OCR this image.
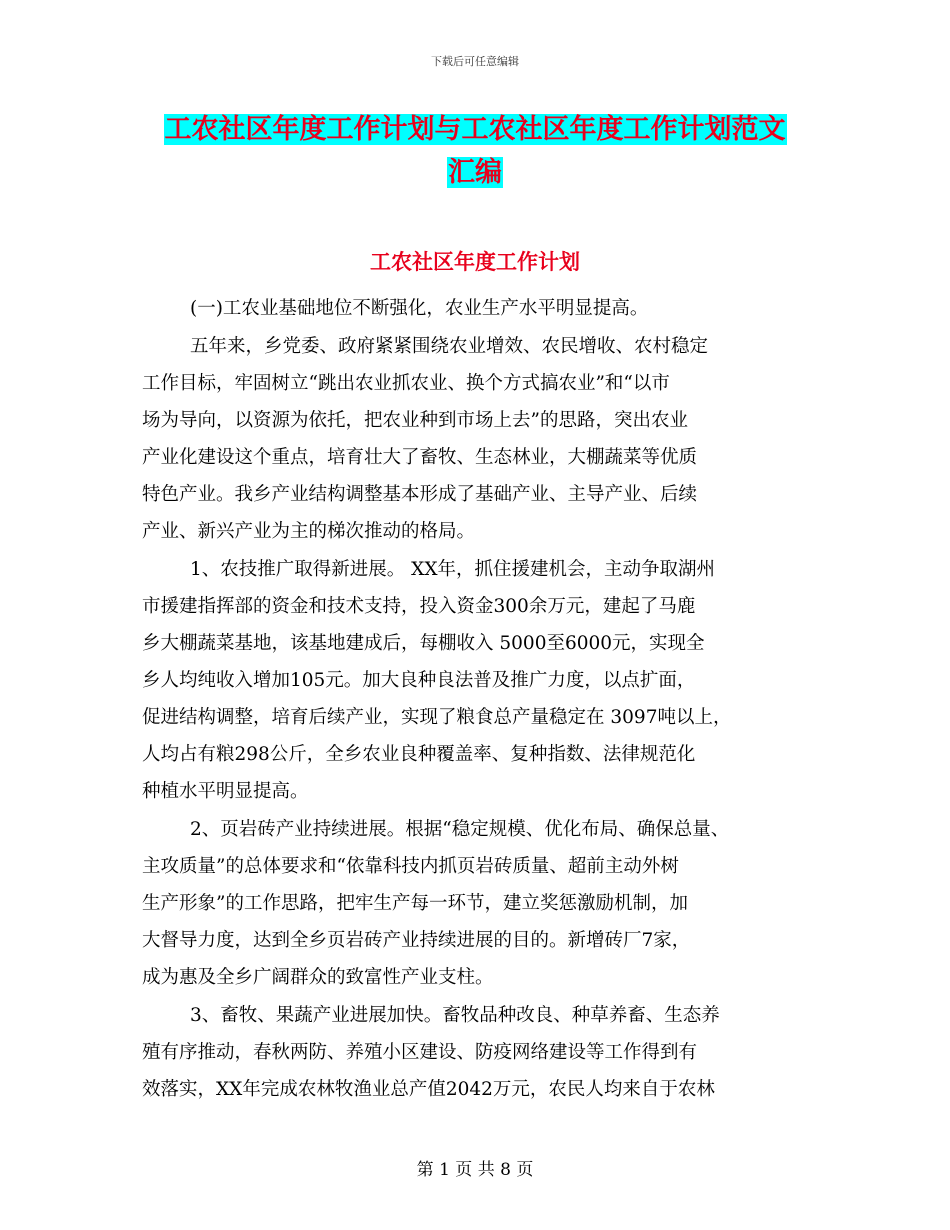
下载后可任意编辑
工农社区年度工作计划与工农社区年度工作计划范文
汇编
工农社区年度工作计划
(一)工农业基础地位不断强化，农业生产水平明显提高。
五年来，乡党委、政府紧紧围绕农业增效、农民增收、农村稳定
工作目标，牢固树立“跳出农业抓农业、换个方式搞农业”和“以市
场为导向，以资源为依托，把农业种到市场上去”的思路，突出农业
产业化建设这个重点，培育壮大了畜牧、生态林业，大棚蔬菜等优质
特色产业。我乡产业结构调整基本形成了基础产业、主导产业、后续
产业、新兴产业为主的梯次推动的格局。
1、农技推广取得新进展。 XX年，抓住援建机会，主动争取湖州
市援建指挥部的资金和技术支持，投入资金300余万元，建起了马鹿
乡大棚蔬菜基地，该基地建成后，每棚收入 5000至6000元，实现全
乡人均纯收入增加105元。加大良种良法普及推广力度，以点扩面，
促进结构调整，培育后续产业，实现了粮食总产量稳定在 3097吨以上，
人均占有粮298公斤，全乡农业良种覆盖率、复种指数、法律规范化
种植水平明显提高。
2、页岩砖产业持续进展。根据“稳定规模、优化布局、确保总量、
主攻质量”的总体要求和“依靠科技内抓页岩砖质量、超前主动外树
生产形象”的工作思路，把牢生产每一环节，建立奖惩激励机制，加
大督导力度，达到全乡页岩砖产业持续进展的目的。新增砖厂7家，
成为惠及全乡广阔群众的致富性产业支柱。
3、畜牧、果蔬产业进展加快。畜牧品种改良、种草养畜、生态养
殖有序推动，春秋两防、养殖小区建设、防疫网络建设等工作得到有
效落实，XX年完成农林牧渔业总产值2042万元，农民人均来自于农林
第 1 页 共 8 页
